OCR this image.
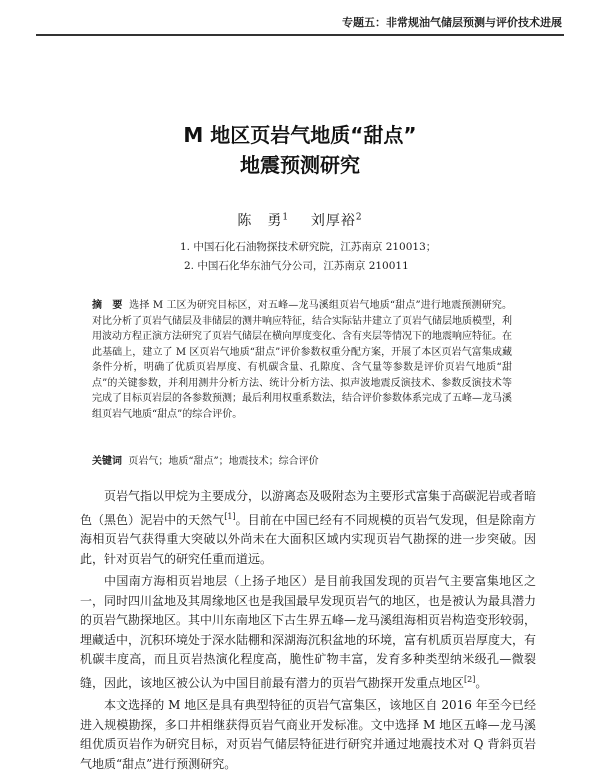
专题五：非常规油气储层预测与评价技术进展
M 地区页岩气地质“甜点”
地震预测研究
陈　勇$^1$ 刘厚裕$^2$
1. 中国石化石油物探技术研究院，江苏南京 210013；
2. 中国石化华东油气分公司，江苏南京 210011
摘　要 选择 M 工区为研究目标区，对五峰—龙马溪组页岩气地质“甜点”进行地震预测研究。对比分析了页岩气储层及非储层的测井响应特征，结合实际钻井建立了页岩气储层地质模型，利用波动方程正演方法研究了页岩气储层在横向厚度变化、含有夹层等情况下的地震响应特征。在此基础上，建立了 M 区页岩气地质“甜点”评价参数权重分配方案，开展了本区页岩气富集成藏条件分析，明确了优质页岩厚度、有机碳含量、孔隙度、含气量等参数是评价页岩气地质“甜点”的关键参数，并利用测井分析方法、统计分析方法、拟声波地震反演技术、参数反演技术等完成了目标页岩层的各参数预测；最后利用权重系数法，结合评价参数体系完成了五峰—龙马溪组页岩气地质“甜点”的综合评价。
关键词 页岩气；地质“甜点”；地震技术；综合评价

页岩气指以甲烷为主要成分，以游离态及吸附态为主要形式富集于高碳泥岩或者暗色（黑色）泥岩中的天然气[1]。目前在中国已经有不同规模的页岩气发现，但是除南方海相页岩气获得重大突破以外尚未在大面积区域内实现页岩气勘探的进一步突破。因此，针对页岩气的研究任重而道远。

中国南方海相页岩地层（上扬子地区）是目前我国发现的页岩气主要富集地区之一，同时四川盆地及其周缘地区也是我国最早发现页岩气的地区，也是被认为最具潜力的页岩气勘探地区。其中川东南地区下古生界五峰—龙马溪组海相页岩构造变形较弱，埋藏适中，沉积环境处于深水陆棚和深湖海沉积盆地的环境，富有机质页岩厚度大，有机碳丰度高，而且页岩热演化程度高，脆性矿物丰富，发育多种类型纳米级孔—微裂缝，因此，该地区被公认为中国目前最有潜力的页岩气勘探开发重点地区[2]。

本文选择的 M 地区是具有典型特征的页岩气富集区，该地区自 2016 年至今已经进入规模勘探，多口井相继获得页岩气商业开发标准。文中选择 M 地区五峰—龙马溪组优质页岩作为研究目标，对页岩气储层特征进行研究并通过地震技术对 Q 背斜页岩气地质“甜点”进行预测研究。
